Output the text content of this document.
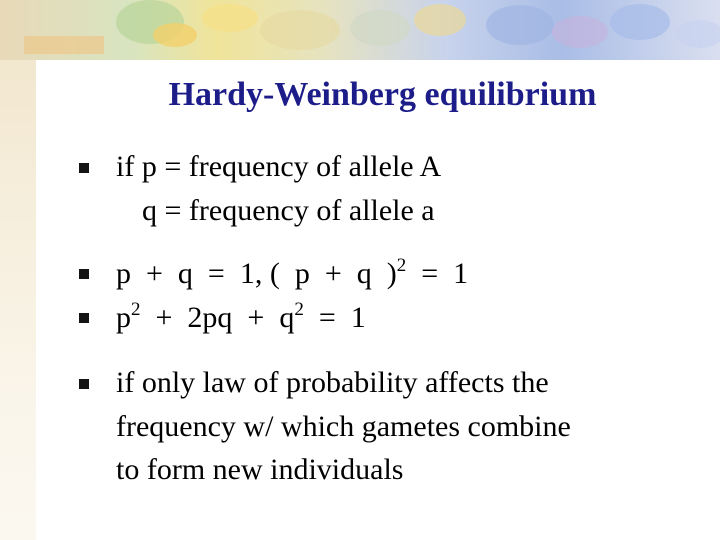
Hardy-Weinberg equilibrium

if p = frequency of allele A

q = frequency of allele a

p  +  q  =  1, (  p  +  q  )$^2$  =  1

$p^2 + 2pq + q^2 = 1$

if only law of probability affects the

frequency w/ which gametes combine

to form new individuals
